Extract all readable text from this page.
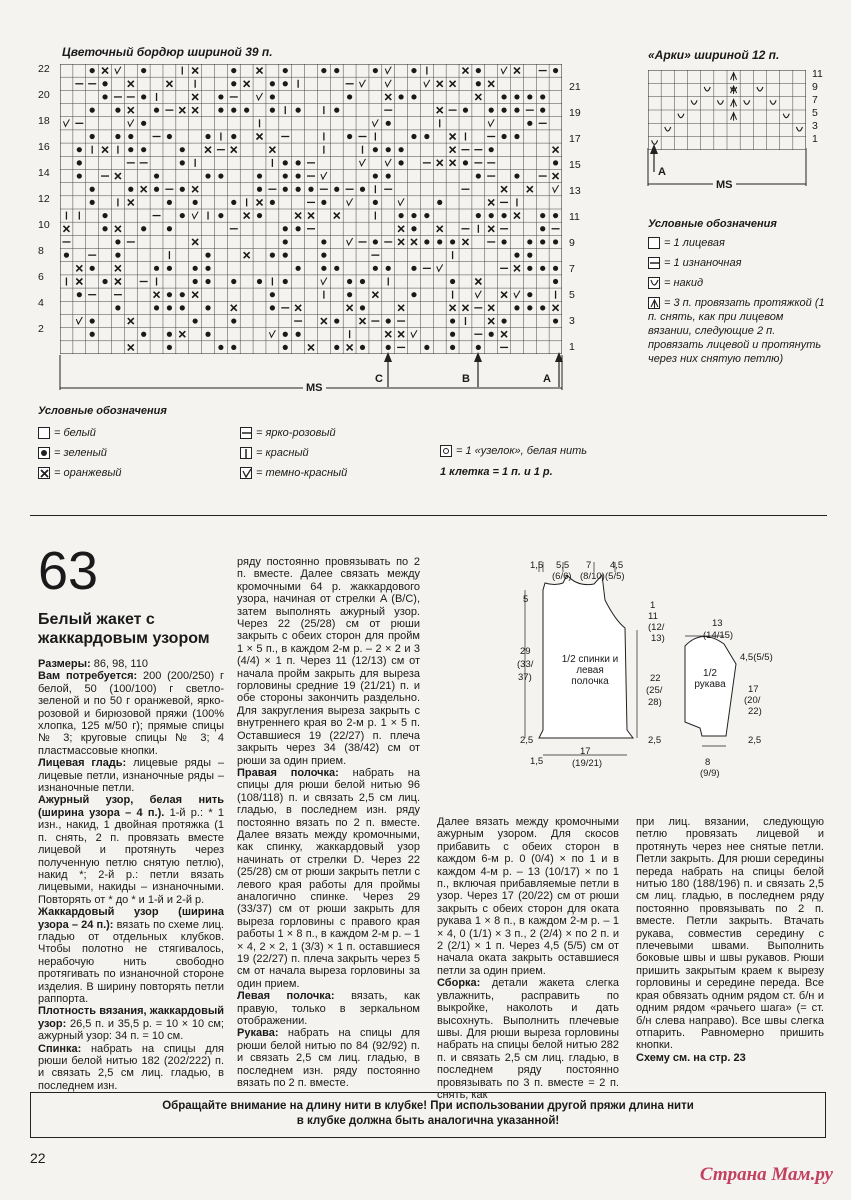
Цветочный бордюр шириной 39 п.
22
20
18
16
14
12
10
8
6
4
2
21
19
17
15
13
11
9
7
5
3
1
C	B	A
MS
Условные обозначения
= белый
= зеленый
= оранжевый
= ярко-розовый
= красный
= темно-красный
= 1 «узелок», белая нить
1 клетка = 1 п. и 1 р.
«Арки» шириной 12 п.
11
9
7
5
3
1
A
MS
Условные обозначения
= 1 лицевая
= 1 изнаночная
= накид
= 3 п. провязать протяжкой (1 п. снять, как при лицевом вязании, следующие 2 п. провязать лицевой и протянуть через них снятую петлю)
63
Белый жакет с жаккардовым узором

Размеры: 86, 98, 110

Вам потребуется: 200 (200/250) г белой, 50 (100/100) г светло-зеленой и по 50 г оранжевой, ярко-розовой и бирюзовой пряжи (100% хлопка, 125 м/50 г); прямые спицы № 3; круговые спицы № 3; 4 пластмассовые кнопки.

Лицевая гладь: лицевые ряды – лицевые петли, изнаночные ряды – изнаночные петли.

Ажурный узор, белая нить (ширина узора – 4 п.). 1-й р.: * 1 изн., накид, 1 двойная протяжка (1 п. снять, 2 п. провязать вместе лицевой и протянуть через полученную петлю снятую петлю), накид *; 2-й р.: петли вязать лицевыми, накиды – изнаночными. Повторять от * до * и 1-й и 2-й р.

Жаккардовый узор (ширина узора – 24 п.): вязать по схеме лиц. гладью от отдельных клубков. Чтобы полотно не стягивалось, нерабочую нить свободно протягивать по изнаночной стороне изделия. В ширину повторять петли раппорта.

Плотность вязания, жаккардовый узор: 26,5 п. и 35,5 р. = 10 × 10 см; ажурный узор: 34 п. = 10 см.

Спинка: набрать на спицы для рюши белой нитью 182 (202/222) п. и связать 2,5 см лиц. гладью, в последнем изн.

ряду постоянно провязывать по 2 п. вместе. Далее связать между кромочными 64 р. жаккардового узора, начиная от стрелки A (B/C), затем выполнять ажурный узор. Через 22 (25/28) см от рюши закрыть с обеих сторон для пройм 1 × 5 п., в каждом 2-м р. – 2 × 2 и 3 (4/4) × 1 п. Через 11 (12/13) см от начала пройм закрыть для выреза горловины средние 19 (21/21) п. и обе стороны закончить раздельно. Для закругления выреза закрыть с внутреннего края во 2-м р. 1 × 5 п. Оставшиеся 19 (22/27) п. плеча закрыть через 34 (38/42) см от рюши за один прием.

Правая полочка: набрать на спицы для рюши белой нитью 96 (108/118) п. и связать 2,5 см лиц. гладью, в последнем изн. ряду постоянно вязать по 2 п. вместе. Далее вязать между кромочными, как спинку, жаккардовый узор начинать от стрелки D. Через 22 (25/28) см от рюши закрыть петли с левого края работы для проймы аналогично спинке. Через 29 (33/37) см от рюши закрыть для выреза горловины с правого края работы 1 × 8 п., в каждом 2-м р. – 1 × 4, 2 × 2, 1 (3/3) × 1 п. оставшиеся 19 (22/27) п. плеча закрыть через 5 см от начала выреза горловины за один прием.

Левая полочка: вязать, как правую, только в зеркальном отображении.

Рукава: набрать на спицы для рюши белой нитью по 84 (92/92) п. и связать 2,5 см лиц. гладью, в последнем изн. ряду постоянно вязать по 2 п. вместе.

Далее вязать между кромочными ажурным узором. Для скосов прибавить с обеих сторон в каждом 6-м р. 0 (0/4) × по 1 и в каждом 4-м р. – 13 (10/17) × по 1 п., включая прибавляемые петли в узор. Через 17 (20/22) см от рюши закрыть с обеих сторон для оката рукава 1 × 8 п., в каждом 2-м р. – 1 × 4, 0 (1/1) × 3 п., 2 (2/4) × по 2 п. и 2 (2/1) × 1 п. Через 4,5 (5/5) см от начала оката закрыть оставшиеся петли за один прием.

Сборка: детали жакета слегка увлажнить, расправить по выкройке, наколоть и дать высохнуть. Выполнить плечевые швы. Для рюши выреза горловины набрать на спицы белой нитью 282 п. и связать 2,5 см лиц. гладью, в последнем ряду постоянно провязывать по 3 п. вместе = 2 п. снять, как

при лиц. вязании, следующую петлю провязать лицевой и протянуть через нее снятые петли. Петли закрыть. Для рюши середины переда набрать на спицы белой нитью 180 (188/196) п. и связать 2,5 см лиц. гладью, в последнем ряду постоянно провязывать по 2 п. вместе. Петли закрыть. Втачать рукава, совместив середину с плечевыми швами. Выполнить боковые швы и швы рукавов. Рюши пришить закрытым краем к вырезу горловины и середине переда. Все края обвязать одним рядом ст. б/н и одним рядом «рачьего шага» (= ст. б/н слева направо). Все швы слегка отпарить. Равномерно пришить кнопки.

Схему см. на стр. 23

1/2 спинки и левая полочка
1,5 5,5
(6/6)
7
(8/10)
4,5
(5/5)
5
29
(33/
37)
2,5
17
(19/21)
1,5
1
11
(12/
13)
22
(25/
28)
2,5
1/2 рукава
13
(14/15)
4,5(5/5)
17
(20/
22)
2,5
8
(9/9)
Обращайте внимание на длину нити в клубке! При использовании другой пряжи длина нити
в клубке должна быть аналогична указанной!
22
Страна Мам.ру
